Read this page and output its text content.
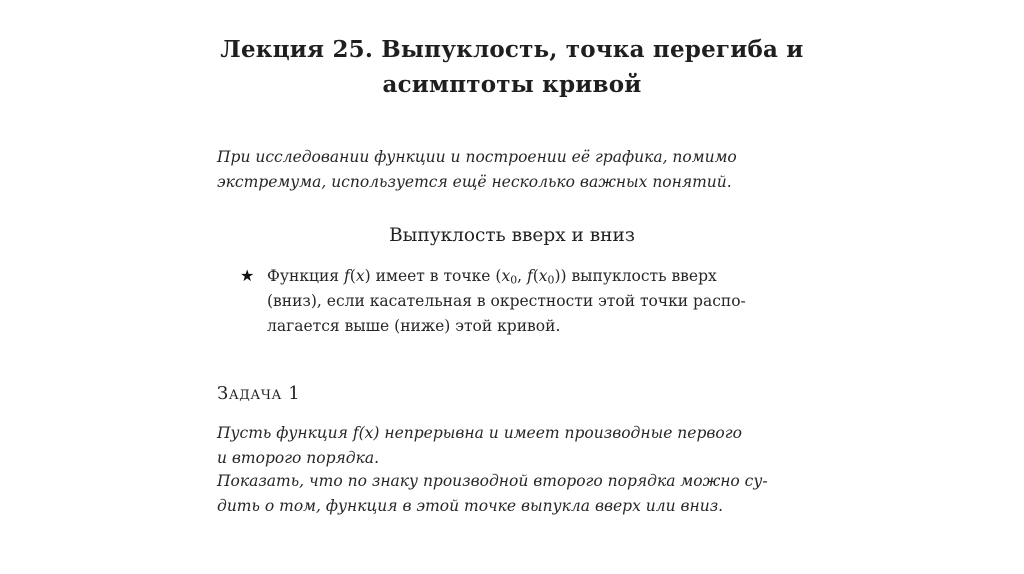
Лекция 25. Выпуклость, точка перегиба и
асимптоты кривой
При исследовании функции и построении её графика, помимо
экстремума, используется ещё несколько важных понятий.
Выпуклость вверх и вниз
★ Функция f(x) имеет в точке ($x_0$, $f(x_0)$) выпуклость вверх
(вниз), если касательная в окрестности этой точки распо-
лагается выше (ниже) этой кривой.
Задача 1
Пусть функция f(x) непрерывна и имеет производные первого
и второго порядка.
Показать, что по знаку производной второго порядка можно су-
дить о том, функция в этой точке выпукла вверх или вниз.
